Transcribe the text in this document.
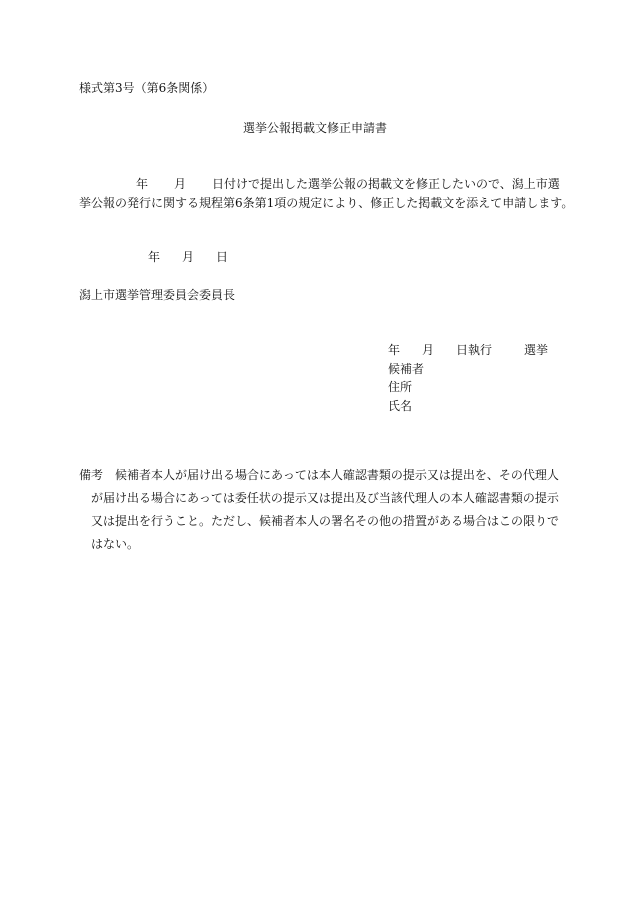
様式第3号（第6条関係）
選挙公報掲載文修正申請書
年 月 日付けで提出した選挙公報の掲載文を修正したいので、潟上市選
挙公報の発行に関する規程第6条第1項の規定により、修正した掲載文を添えて申請します。
年 月 日
潟上市選挙管理委員会委員長
年 月 日執行	選挙
候補者
住所
氏名
備考 候補者本人が届け出る場合にあっては本人確認書類の提示又は提出を、その代理人
が届け出る場合にあっては委任状の提示又は提出及び当該代理人の本人確認書類の提示
又は提出を行うこと。ただし、候補者本人の署名その他の措置がある場合はこの限りで
はない。
